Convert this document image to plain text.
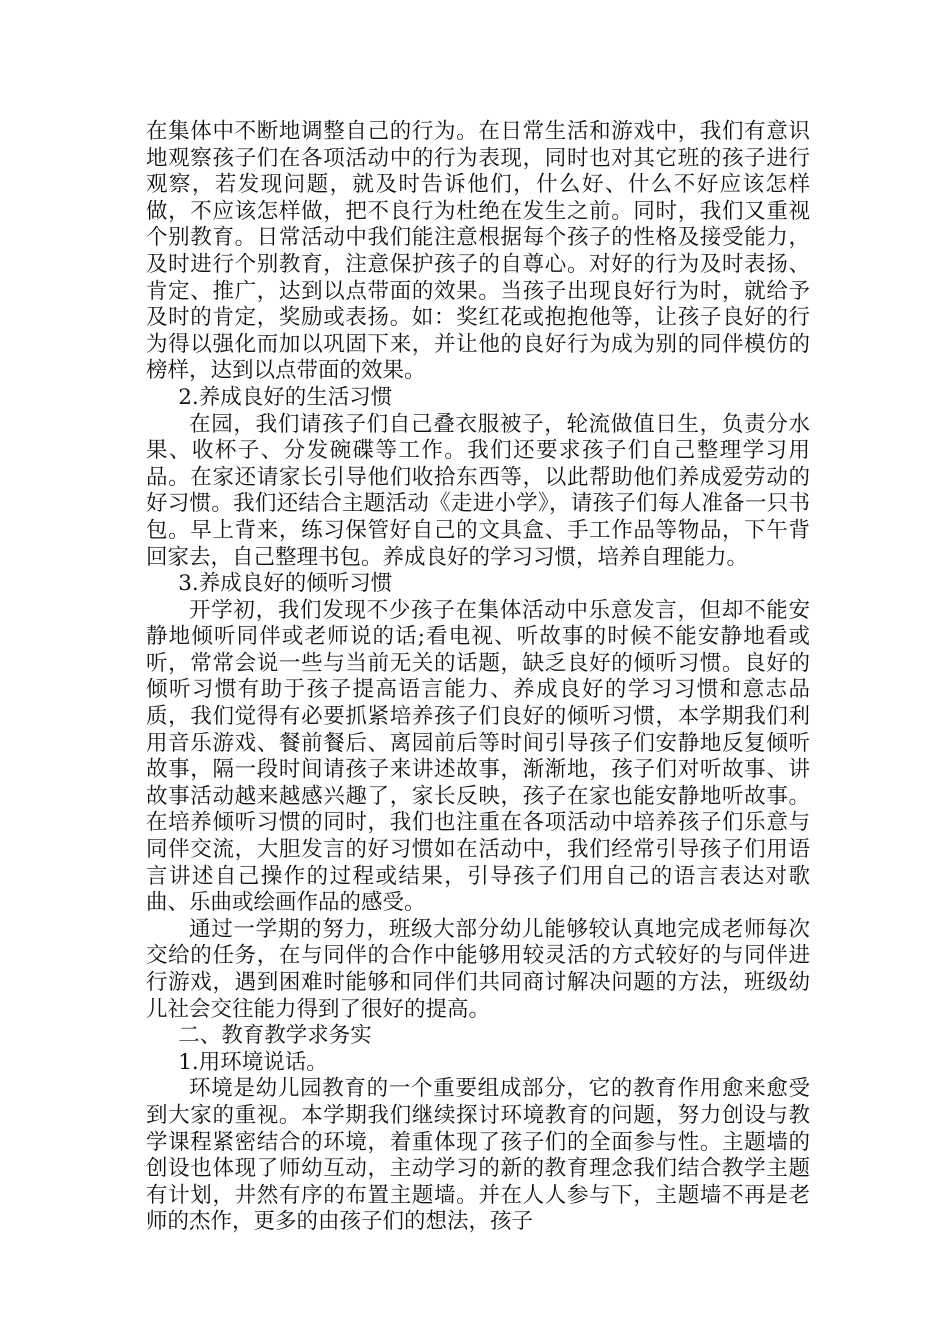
在集体中不断地调整自己的行为。在日常生活和游戏中，我们有意识地观察孩子们在各项活动中的行为表现，同时也对其它班的孩子进行观察，若发现问题，就及时告诉他们，什么好、什么不好应该怎样做，不应该怎样做，把不良行为杜绝在发生之前。同时，我们又重视个别教育。日常活动中我们能注意根据每个孩子的性格及接受能力，及时进行个别教育，注意保护孩子的自尊心。对好的行为及时表扬、肯定、推广，达到以点带面的效果。当孩子出现良好行为时，就给予及时的肯定，奖励或表扬。如：奖红花或抱抱他等，让孩子良好的行为得以强化而加以巩固下来，并让他的良好行为成为别的同伴模仿的榜样，达到以点带面的效果。

2.养成良好的生活习惯

在园，我们请孩子们自己叠衣服被子，轮流做值日生，负责分水果、收杯子、分发碗碟等工作。我们还要求孩子们自己整理学习用品。在家还请家长引导他们收拾东西等，以此帮助他们养成爱劳动的好习惯。我们还结合主题活动《走进小学》，请孩子们每人准备一只书包。早上背来，练习保管好自己的文具盒、手工作品等物品，下午背回家去，自己整理书包。养成良好的学习习惯，培养自理能力。

3.养成良好的倾听习惯

开学初，我们发现不少孩子在集体活动中乐意发言，但却不能安静地倾听同伴或老师说的话;看电视、听故事的时候不能安静地看或听，常常会说一些与当前无关的话题，缺乏良好的倾听习惯。良好的倾听习惯有助于孩子提高语言能力、养成良好的学习习惯和意志品质，我们觉得有必要抓紧培养孩子们良好的倾听习惯，本学期我们利用音乐游戏、餐前餐后、离园前后等时间引导孩子们安静地反复倾听故事，隔一段时间请孩子来讲述故事，渐渐地，孩子们对听故事、讲故事活动越来越感兴趣了，家长反映，孩子在家也能安静地听故事。在培养倾听习惯的同时，我们也注重在各项活动中培养孩子们乐意与同伴交流，大胆发言的好习惯如在活动中，我们经常引导孩子们用语言讲述自己操作的过程或结果，引导孩子们用自己的语言表达对歌曲、乐曲或绘画作品的感受。

通过一学期的努力，班级大部分幼儿能够较认真地完成老师每次交给的任务，在与同伴的合作中能够用较灵活的方式较好的与同伴进行游戏，遇到困难时能够和同伴们共同商讨解决问题的方法，班级幼儿社会交往能力得到了很好的提高。

二、教育教学求务实

1.用环境说话。

环境是幼儿园教育的一个重要组成部分，它的教育作用愈来愈受到大家的重视。本学期我们继续探讨环境教育的问题，努力创设与教学课程紧密结合的环境，着重体现了孩子们的全面参与性。主题墙的创设也体现了师幼互动，主动学习的新的教育理念我们结合教学主题有计划，井然有序的布置主题墙。并在人人参与下，主题墙不再是老师的杰作，更多的由孩子们的想法，孩子
